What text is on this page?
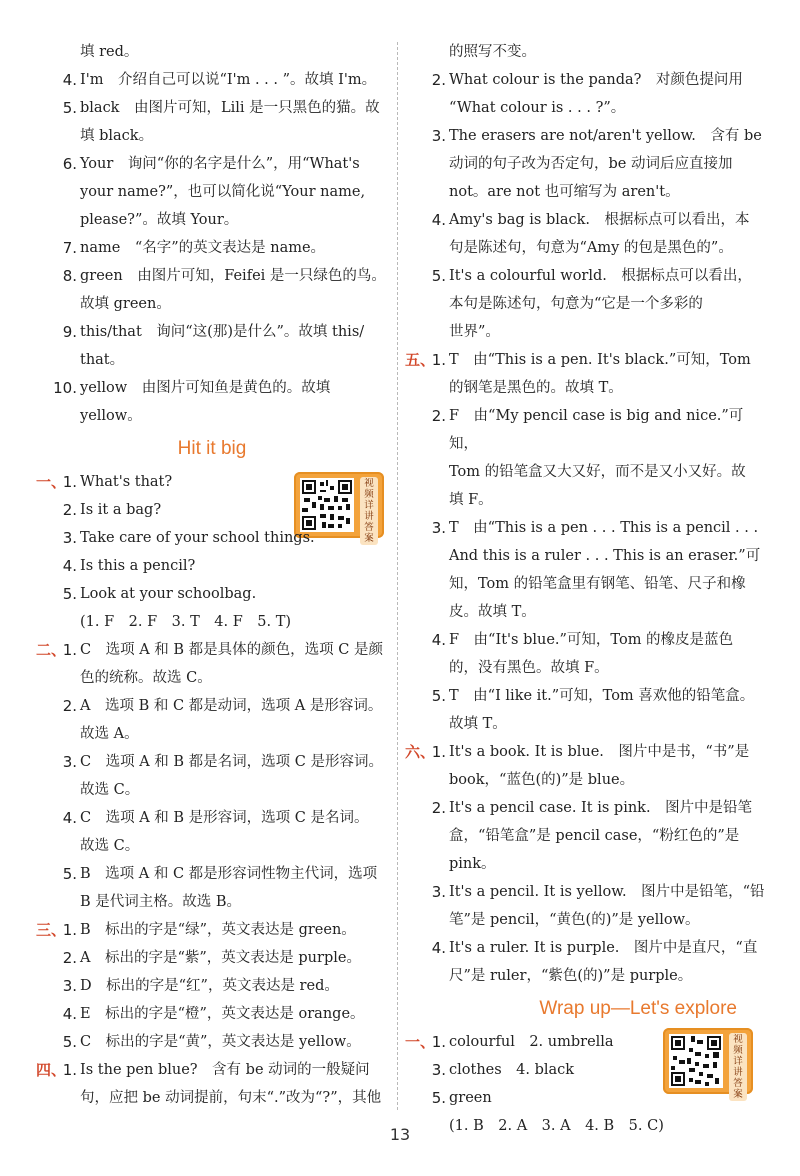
填 red。
4. I'm　介绍自己可以说“I'm . . . ”。故填 I'm。
5. black　由图片可知，Lili 是一只黑色的猫。故
填 black。
6. Your　询问“你的名字是什么”，用“What's
your name?”，也可以简化说“Your name,
please?”。故填 Your。
7. name　“名字”的英文表达是 name。
8. green　由图片可知，Feifei 是一只绿色的鸟。
故填 green。
9. this/that　询问“这(那)是什么”。故填 this/
that。
10. yellow　由图片可知鱼是黄色的。故填
yellow。
Hit it big
视频详讲答案
一、
1. What's that?
2. Is it a bag?
3. Take care of your school things.
4. Is this a pencil?
5. Look at your schoolbag.
(1. F　2. F　3. T　4. F　5. T)
二、
1. C　选项 A 和 B 都是具体的颜色，选项 C 是颜
色的统称。故选 C。
2. A　选项 B 和 C 都是动词，选项 A 是形容词。
故选 A。
3. C　选项 A 和 B 都是名词，选项 C 是形容词。
故选 C。
4. C　选项 A 和 B 是形容词，选项 C 是名词。
故选 C。
5. B　选项 A 和 C 都是形容词性物主代词，选项
B 是代词主格。故选 B。
三、
1. B　标出的字是“绿”，英文表达是 green。
2. A　标出的字是“紫”，英文表达是 purple。
3. D　标出的字是“红”，英文表达是 red。
4. E　标出的字是“橙”，英文表达是 orange。
5. C　标出的字是“黄”，英文表达是 yellow。
四、
1. Is the pen blue?　含有 be 动词的一般疑问
句，应把 be 动词提前，句末“.”改为“?”，其他
的照写不变。
2. What colour is the panda?　对颜色提问用
“What colour is . . . ?”。
3. The erasers are not/aren't yellow.　含有 be
动词的句子改为否定句，be 动词后应直接加
not。are not 也可缩写为 aren't。
4. Amy's bag is black.　根据标点可以看出，本
句是陈述句，句意为“Amy 的包是黑色的”。
5. It's a colourful world.　根据标点可以看出，
本句是陈述句，句意为“它是一个多彩的
世界”。
五、
1. T　由“This is a pen. It's black.”可知，Tom
的钢笔是黑色的。故填 T。
2. F　由“My pencil case is big and nice.”可知，
Tom 的铅笔盒又大又好，而不是又小又好。故
填 F。
3. T　由“This is a pen . . . This is a pencil . . .
And this is a ruler . . . This is an eraser.”可
知，Tom 的铅笔盒里有钢笔、铅笔、尺子和橡
皮。故填 T。
4. F　由“It's blue.”可知，Tom 的橡皮是蓝色
的，没有黑色。故填 F。
5. T　由“I like it.”可知，Tom 喜欢他的铅笔盒。
故填 T。
六、
1. It's a book. It is blue.　图片中是书，“书”是
book，“蓝色(的)”是 blue。
2. It's a pencil case. It is pink.　图片中是铅笔
盒，“铅笔盒”是 pencil case，“粉红色的”是
pink。
3. It's a pencil. It is yellow.　图片中是铅笔，“铅
笔”是 pencil，“黄色(的)”是 yellow。
4. It's a ruler. It is purple.　图片中是直尺，“直
尺”是 ruler，“紫色(的)”是 purple。
Wrap up—Let's explore
视频详讲答案
一、
1. colourful　2. umbrella
3. clothes　4. black
5. green
(1. B　2. A　3. A　4. B　5. C)
13
